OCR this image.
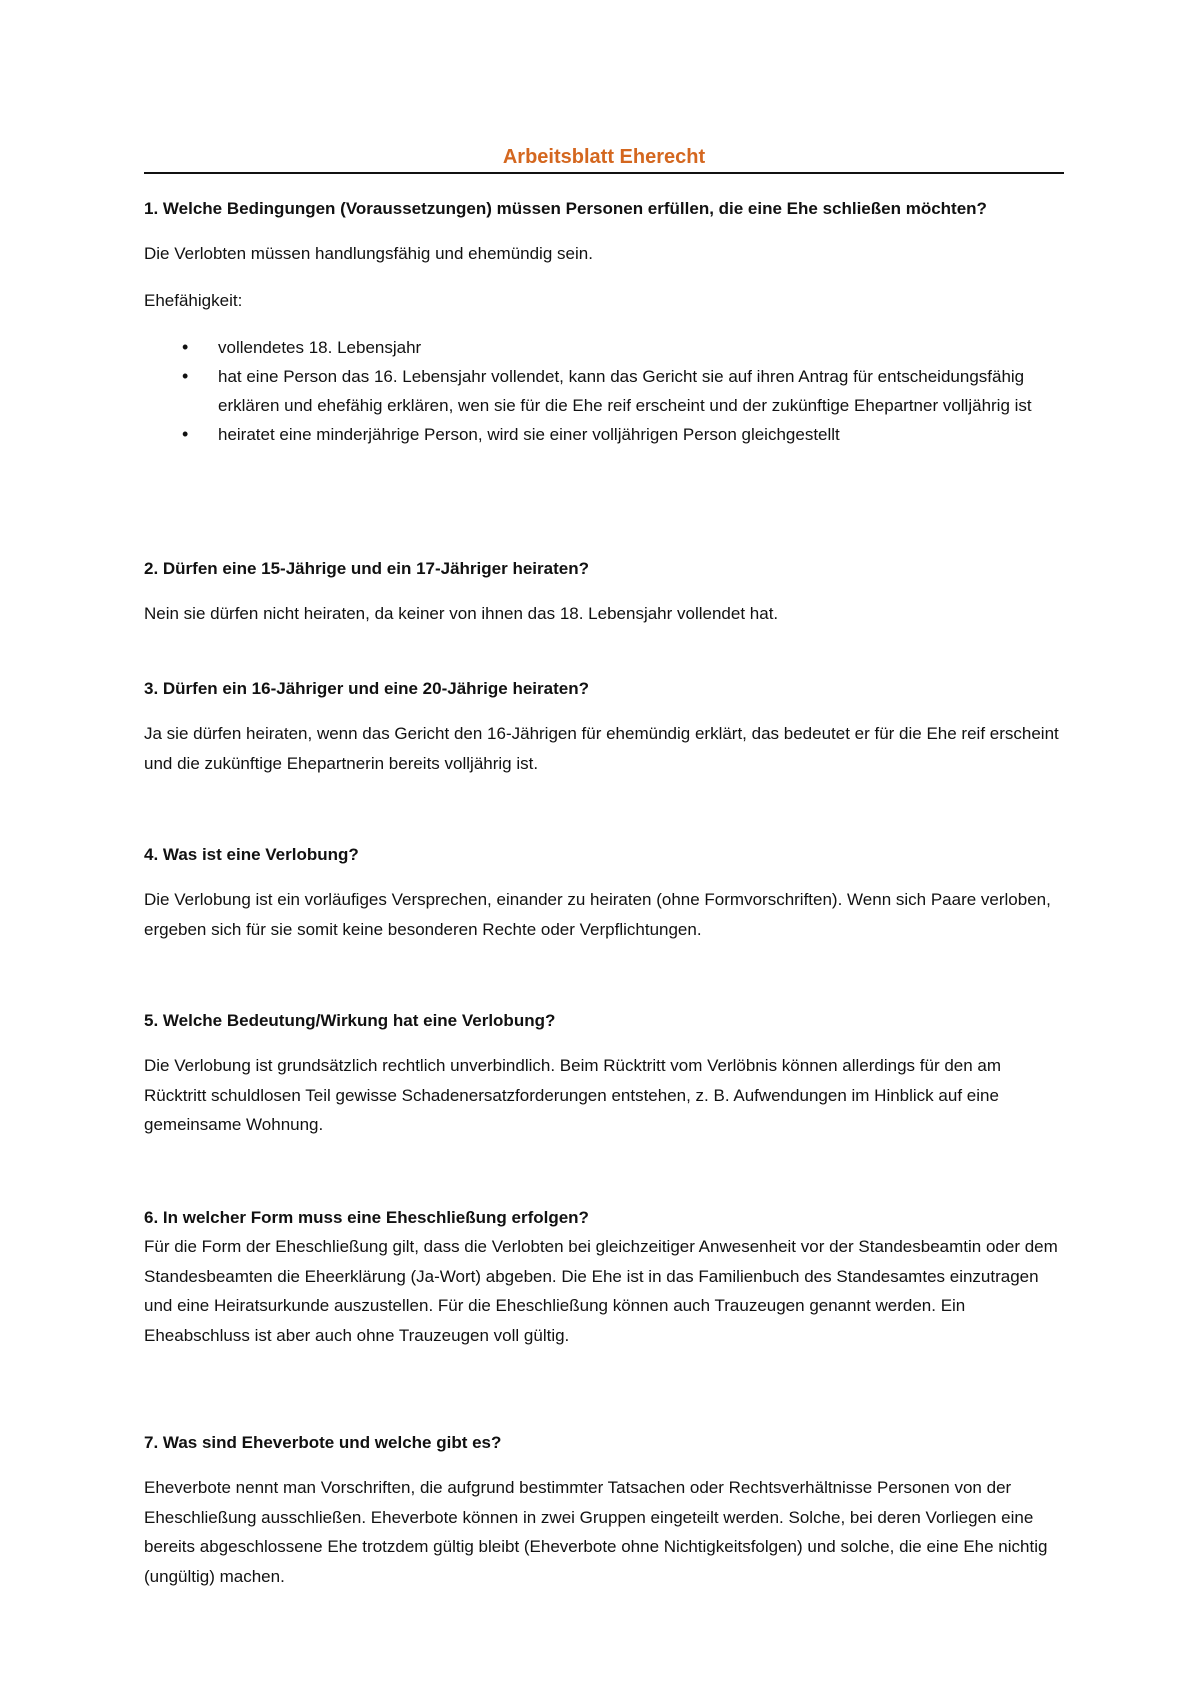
Arbeitsblatt Eherecht

1. Welche Bedingungen (Voraussetzungen) müssen Personen erfüllen, die eine Ehe schließen möchten?

Die Verlobten müssen handlungsfähig und ehemündig sein.

Ehefähigkeit:

• vollendetes 18. Lebensjahr
• hat eine Person das 16. Lebensjahr vollendet, kann das Gericht sie auf ihren Antrag für entscheidungsfähig erklären und ehefähig erklären, wen sie für die Ehe reif erscheint und der zukünftige Ehepartner volljährig ist
• heiratet eine minderjährige Person, wird sie einer volljährigen Person gleichgestellt

2. Dürfen eine 15-Jährige und ein 17-Jähriger heiraten?

Nein sie dürfen nicht heiraten, da keiner von ihnen das 18. Lebensjahr vollendet hat.

3. Dürfen ein 16-Jähriger und eine 20-Jährige heiraten?

Ja sie dürfen heiraten, wenn das Gericht den 16-Jährigen für ehemündig erklärt, das bedeutet er für die Ehe reif erscheint und die zukünftige Ehepartnerin bereits volljährig ist.

4. Was ist eine Verlobung?

Die Verlobung ist ein vorläufiges Versprechen, einander zu heiraten (ohne Formvorschriften). Wenn sich Paare verloben, ergeben sich für sie somit keine besonderen Rechte oder Verpflichtungen.

5. Welche Bedeutung/Wirkung hat eine Verlobung?

Die Verlobung ist grundsätzlich rechtlich unverbindlich. Beim Rücktritt vom Verlöbnis können allerdings für den am Rücktritt schuldlosen Teil gewisse Schadenersatzforderungen entstehen, z. B. Aufwendungen im Hinblick auf eine gemeinsame Wohnung.

6. In welcher Form muss eine Eheschließung erfolgen?

Für die Form der Eheschließung gilt, dass die Verlobten bei gleichzeitiger Anwesenheit vor der Standesbeamtin oder dem Standesbeamten die Eheerklärung (Ja-Wort) abgeben. Die Ehe ist in das Familienbuch des Standesamtes einzutragen und eine Heiratsurkunde auszustellen. Für die Eheschließung können auch Trauzeugen genannt werden. Ein Eheabschluss ist aber auch ohne Trauzeugen voll gültig.

7. Was sind Eheverbote und welche gibt es?

Eheverbote nennt man Vorschriften, die aufgrund bestimmter Tatsachen oder Rechtsverhältnisse Personen von der Eheschließung ausschließen. Eheverbote können in zwei Gruppen eingeteilt werden. Solche, bei deren Vorliegen eine bereits abgeschlossene Ehe trotzdem gültig bleibt (Eheverbote ohne Nichtigkeitsfolgen) und solche, die eine Ehe nichtig (ungültig) machen.
